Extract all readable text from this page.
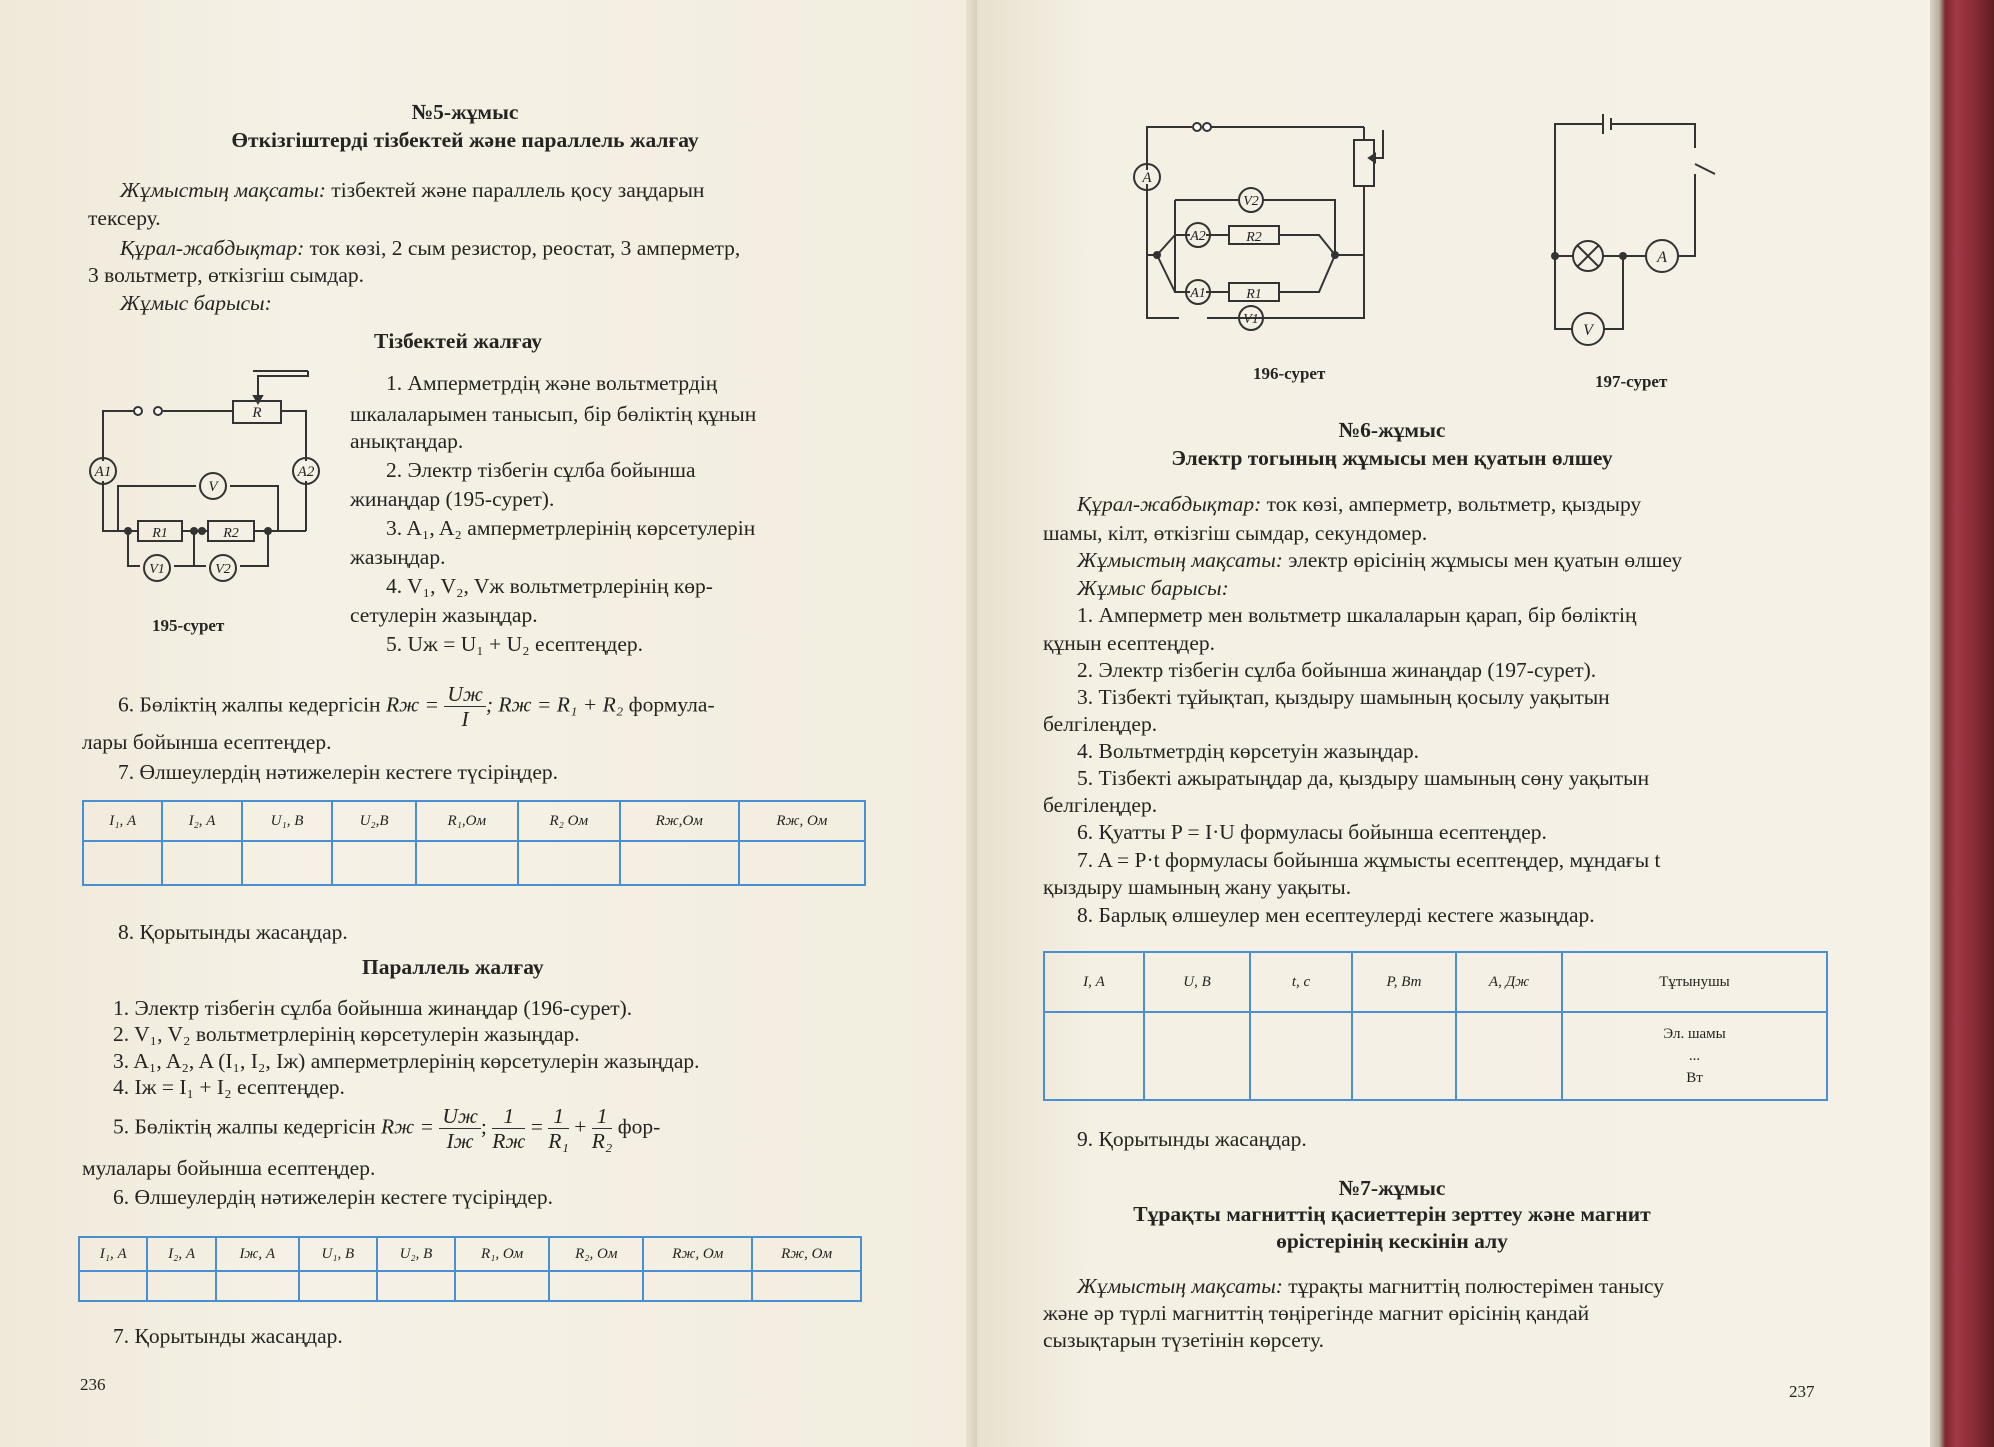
№5-жұмыс
Өткізгіштерді тізбектей және параллель жалғау
Жұмыстың мақсаты: тізбектей және параллель қосу заңдарын
тексеру.
Құрал-жабдықтар: ток көзі, 2 сым резистор, реостат, 3 амперметр,
3 вольтметр, өткізгіш сымдар.
Жұмыс барысы:
Тізбектей жалғау
A1	A2
V
R
R1	R2
V1	V2
195-сурет
1. Амперметрдің және вольтметрдің
шкалаларымен танысып, бір бөліктің құнын
анықтаңдар.
2. Электр тізбегін сұлба бойынша
жинаңдар (195-сурет).
3. A₁, A₂ амперметрлерінің көрсетулерін
жазыңдар.
4. V₁, V₂, Vж вольтметрлерінің көр-
сетулерін жазыңдар.
5. Uж = U₁ + U₂ есептеңдер.
6. Бөліктің жалпы кедергісін Rж = Uж
I
; Rж = R₁ + R₂ формула-
лары бойынша есептеңдер.
7. Өлшеулердің нәтижелерін кестеге түсіріңдер.
I₁, А	I₂, А	U₁, В	U₂,В	R₁,Ом	R₂ Ом	Rж,Ом	Rж, Ом

8. Қорытынды жасаңдар.
Параллель жалғау
1. Электр тізбегін сұлба бойынша жинаңдар (196-сурет).
2. V₁, V₂ вольтметрлерінің көрсетулерін жазыңдар.
3. A₁, A₂, A (I₁, I₂, Iж) амперметрлерінің көрсетулерін жазыңдар.
4. Iж = I₁ + I₂ есептеңдер.
5. Бөліктің жалпы кедергісін Rж = Uж
Iж
; 1
Rж
= $\frac{1}{\text{R₁}} + \frac{1}{\text{R₂}} фор-$
мулалары бойынша есептеңдер.
6. Өлшеулердің нәтижелерін кестеге түсіріңдер.
I₁, А	I₂, А	Iж, А	U₁, В	U₂, В	R₁, Ом	R₂, Ом	Rж, Ом	Rж, Ом

7. Қорытынды жасаңдар.
236
A
V2
A2	R2
A1	R1
V1
196-сурет
A
V
197-сурет
№6-жұмыс
Электр тогының жұмысы мен қуатын өлшеу
Құрал-жабдықтар: ток көзі, амперметр, вольтметр, қыздыру
шамы, кілт, өткізгіш сымдар, секундомер.
Жұмыстың мақсаты: электр өрісінің жұмысы мен қуатын өлшеу
Жұмыс барысы:
1. Амперметр мен вольтметр шкалаларын қарап, бір бөліктің
құнын есептеңдер.
2. Электр тізбегін сұлба бойынша жинаңдар (197-сурет).
3. Тізбекті тұйықтап, қыздыру шамының қосылу уақытын
белгілеңдер.
4. Вольтметрдің көрсетуін жазыңдар.
5. Тізбекті ажыратыңдар да, қыздыру шамының сөну уақытын
белгілеңдер.
6. Қуатты P = I·U формуласы бойынша есептеңдер.
7. A = P·t формуласы бойынша жұмысты есептеңдер, мұндағы t
қыздыру шамының жану уақыты.
8. Барлық өлшеулер мен есептеулерді кестеге жазыңдар.
I, А	U, В	t, с	P, Вт	A, Дж	Тұтынушы

					Эл. шамы
...
Вт
9. Қорытынды жасаңдар.
№7-жұмыс
Тұрақты магниттің қасиеттерін зерттеу және магнит
өрістерінің кескінін алу
Жұмыстың мақсаты: тұрақты магниттің полюстерімен танысу
және әр түрлі магниттің төңірегінде магнит өрісінің қандай
сызықтарын түзетінін көрсету.
237
